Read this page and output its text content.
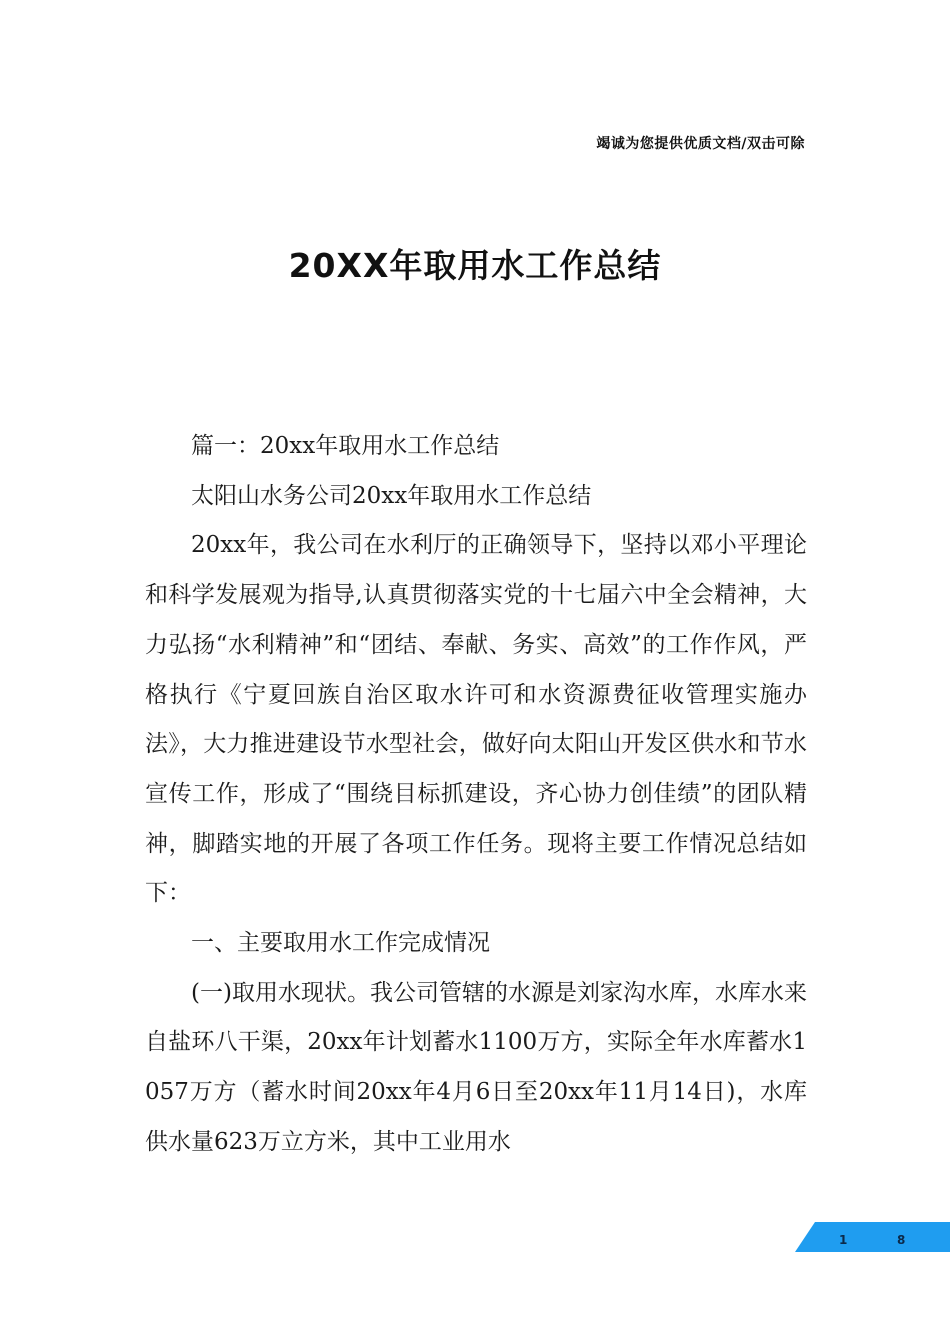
竭诚为您提供优质文档/双击可除
20XX年取用水工作总结

篇一：20xx年取用水工作总结

太阳山水务公司20xx年取用水工作总结

20xx年，我公司在水利厅的正确领导下，坚持以邓小平理论和科学发展观为指导,认真贯彻落实党的十七届六中全会精神，大力弘扬“水利精神”和“团结、奉献、务实、高效”的工作作风，严格执行《宁夏回族自治区取水许可和水资源费征收管理实施办法》，大力推进建设节水型社会，做好向太阳山开发区供水和节水宣传工作，形成了“围绕目标抓建设，齐心协力创佳绩”的团队精神，脚踏实地的开展了各项工作任务。现将主要工作情况总结如下：

一、主要取用水工作完成情况

(一)取用水现状。我公司管辖的水源是刘家沟水库，水库水来自盐环八干渠，20xx年计划蓄水1100万方，实际全年水库蓄水1057万方（蓄水时间20xx年4月6日至20xx年11月14日)，水库供水量623万立方米，其中工业用水

1	8
